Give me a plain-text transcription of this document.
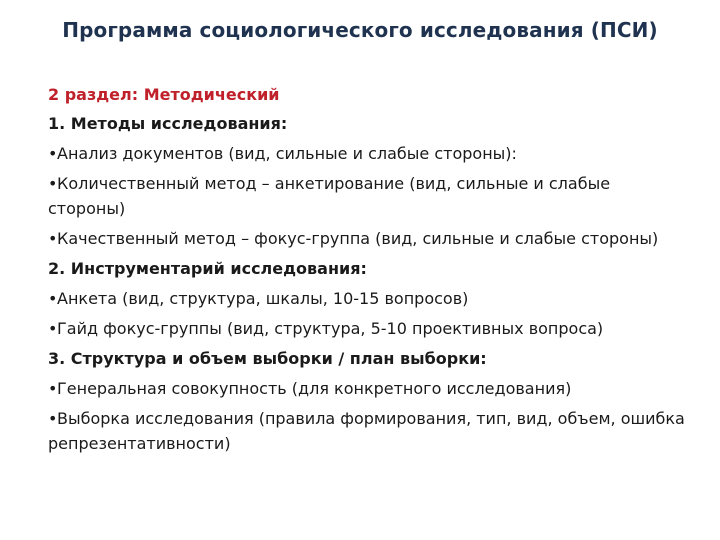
Программа социологического исследования (ПСИ)
2 раздел: Методический
1. Методы исследования:
•Анализ документов (вид, сильные и слабые стороны):
•Количественный метод – анкетирование (вид, сильные и слабые стороны)
•Качественный метод – фокус-группа (вид, сильные и слабые стороны)
2. Инструментарий исследования:
•Анкета (вид, структура, шкалы, 10-15 вопросов)
•Гайд фокус-группы (вид, структура, 5-10 проективных вопроса)
3. Структура и объем выборки / план выборки:
•Генеральная совокупность (для конкретного исследования)
•Выборка исследования (правила формирования, тип, вид, объем, ошибка репрезентативности)
